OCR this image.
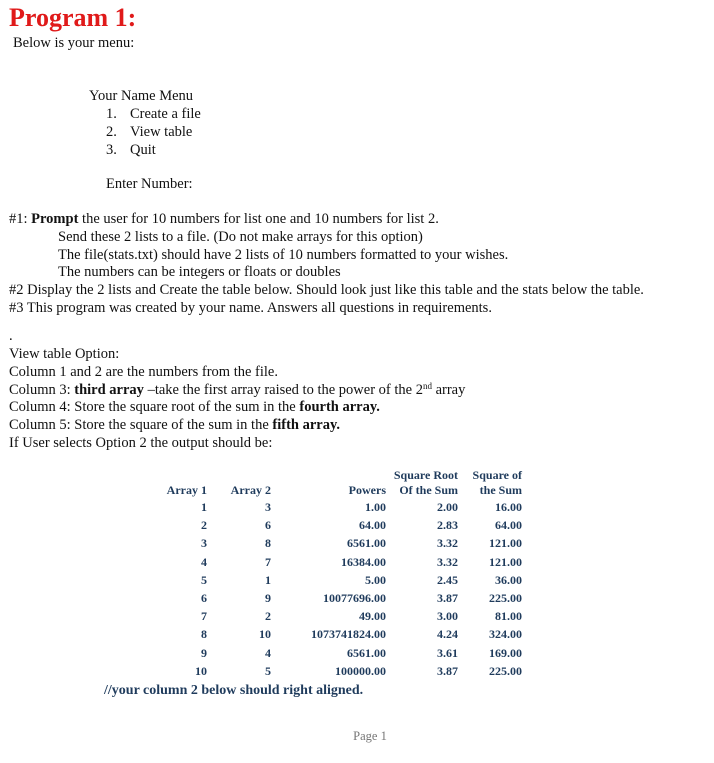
Program 1:
Below is your menu:
Your Name Menu
1. Create a file
2. View table
3. Quit
Enter Number:
#1: Prompt the user for 10 numbers for list one and 10 numbers for list 2.
Send these 2 lists to a file. (Do not make arrays for this option)
The file(stats.txt) should have 2 lists of 10 numbers formatted to your wishes.
The numbers can be integers or floats or doubles
#2 Display the 2 lists and Create the table below. Should look just like this table and the stats below the table.
#3 This program was created by your name. Answers all questions in requirements.
.
View table Option:
Column 1 and 2 are the numbers from the file.
Column 3: third array –take the first array raised to the power of the 2nd array
Column 4: Store the square root of the sum in the fourth array.
Column 5: Store the square of the sum in the fifth array.
If User selects Option 2 the output should be:
			Square Root	Square of
Array 1	Array 2	Powers	Of the Sum	the Sum
1	3	1.00	2.00	16.00
2	6	64.00	2.83	64.00
3	8	6561.00	3.32	121.00
4	7	16384.00	3.32	121.00
5	1	5.00	2.45	36.00
6	9	10077696.00	3.87	225.00
7	2	49.00	3.00	81.00
8	10	1073741824.00	4.24	324.00
9	4	6561.00	3.61	169.00
10	5	100000.00	3.87	225.00
//your column 2 below should right aligned.
Page 1
